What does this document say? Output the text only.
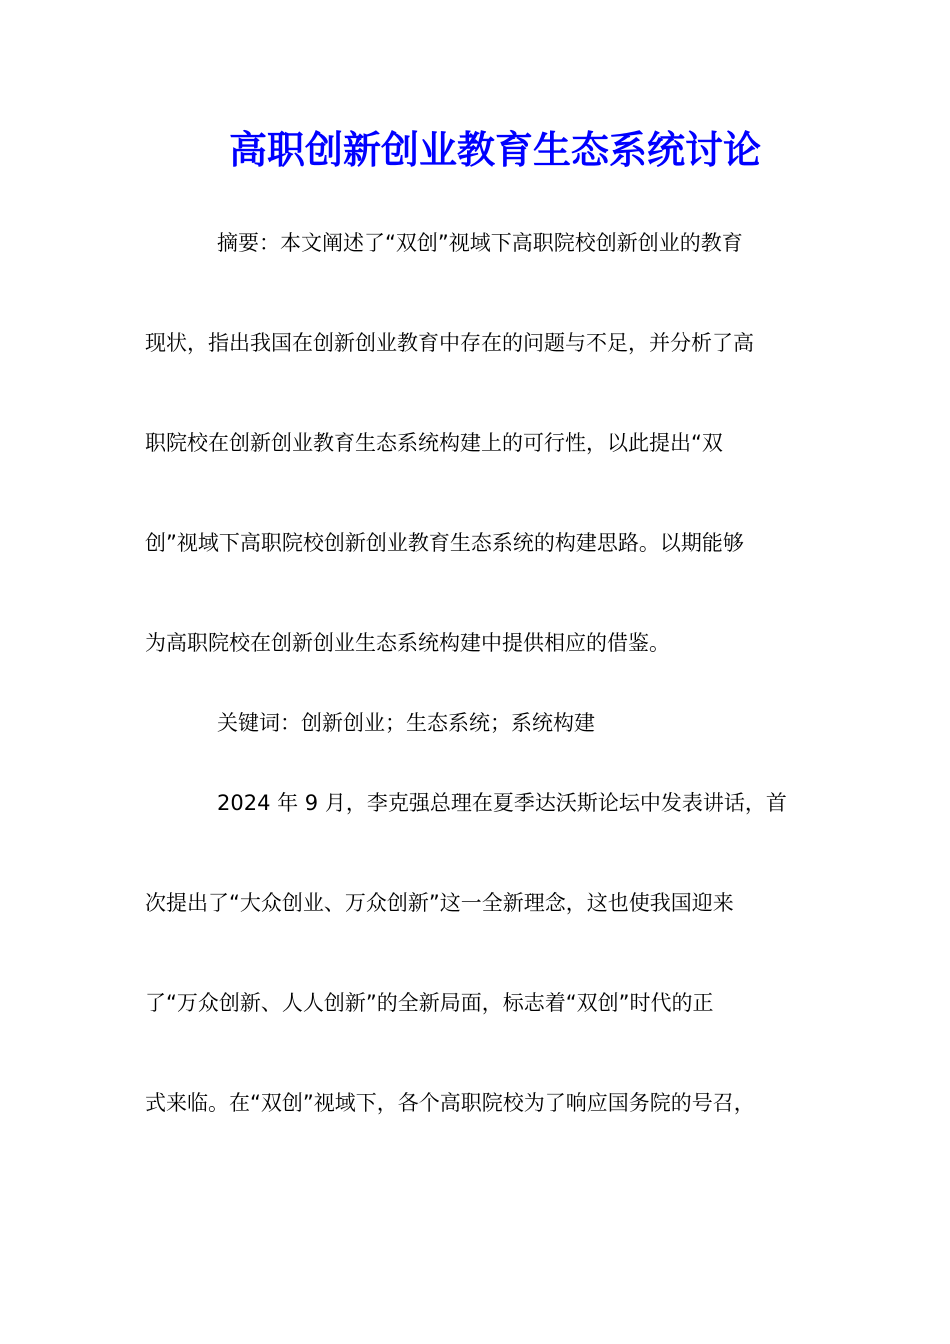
高职创新创业教育生态系统讨论

摘要：本文阐述了“双创”视域下高职院校创新创业的教育

现状，指出我国在创新创业教育中存在的问题与不足，并分析了高

职院校在创新创业教育生态系统构建上的可行性，以此提出“双

创”视域下高职院校创新创业教育生态系统的构建思路。以期能够

为高职院校在创新创业生态系统构建中提供相应的借鉴。

关键词：创新创业；生态系统；系统构建

2024 年 9 月，李克强总理在夏季达沃斯论坛中发表讲话，首

次提出了“大众创业、万众创新”这一全新理念，这也使我国迎来

了“万众创新、人人创新”的全新局面，标志着“双创”时代的正

式来临。在“双创”视域下，各个高职院校为了响应国务院的号召，
